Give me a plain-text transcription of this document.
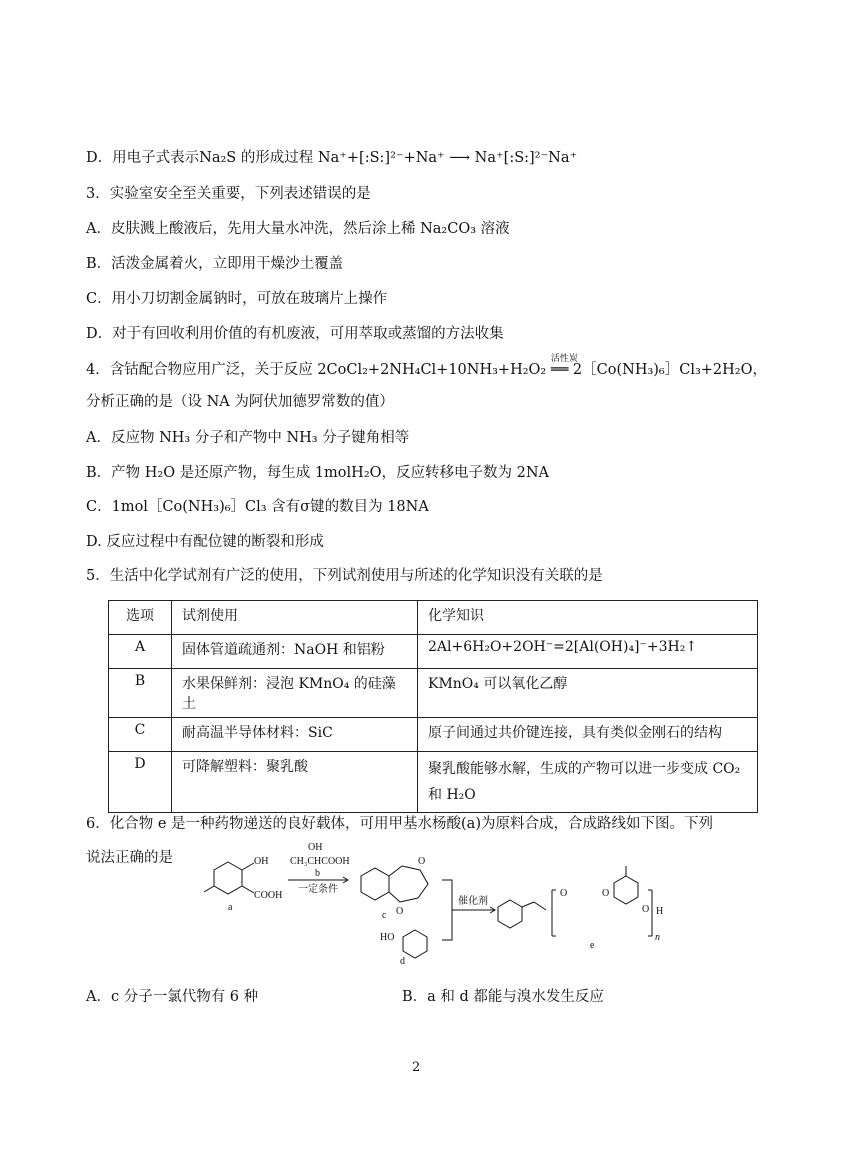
D．用电子式表示Na₂S 的形成过程 Na⁺+[:S:]²⁻+Na⁺ ⟶ Na⁺[:S:]²⁻Na⁺
3．实验室安全至关重要，下列表述错误的是
A．皮肤溅上酸液后，先用大量水冲洗，然后涂上稀 Na₂CO₃ 溶液
B．活泼金属着火，立即用干燥沙土覆盖
C．用小刀切割金属钠时，可放在玻璃片上操作
D．对于有回收利用价值的有机废液，可用萃取或蒸馏的方法收集
4．含钴配合物应用广泛，关于反应 2CoCl₂+2NH₄Cl+10NH₃+H₂O₂
活性炭
══ 2［Co(NH₃)₆］Cl₃+2H₂O，
分析正确的是（设 NA 为阿伏加德罗常数的值）
A．反应物 NH₃ 分子和产物中 NH₃ 分子键角相等
B．产物 H₂O 是还原产物，每生成 1molH₂O，反应转移电子数为 2NA
C．1mol［Co(NH₃)₆］Cl₃ 含有σ键的数目为 18NA
D. 反应过程中有配位键的断裂和形成
5．生活中化学试剂有广泛的使用，下列试剂使用与所述的化学知识没有关联的是
选项	试剂使用	化学知识
A	固体管道疏通剂：NaOH 和铝粉	2Al+6H₂O+2OH⁻=2[Al(OH)₄]⁻+3H₂↑
B	水果保鲜剂：浸泡 KMnO₄ 的硅藻土	KMnO₄ 可以氧化乙醇
C	耐高温半导体材料：SiC	原子间通过共价键连接，具有类似金刚石的结构
D	可降解塑料：聚乳酸	聚乳酸能够水解，生成的产物可以进一步变成 CO₂ 和 H₂O
6．化合物 e 是一种药物递送的良好载体，可用甲基水杨酸(a)为原料合成，合成路线如下图。下列
说法正确的是	OH
COOH
a
OH
CH₃CHCOOH
b
一定条件
O
O
c
HO
d
催化剂
O	O
O H
n
e
A．c 分子一氯代物有 6 种	B．a 和 d 都能与溴水发生反应
2
